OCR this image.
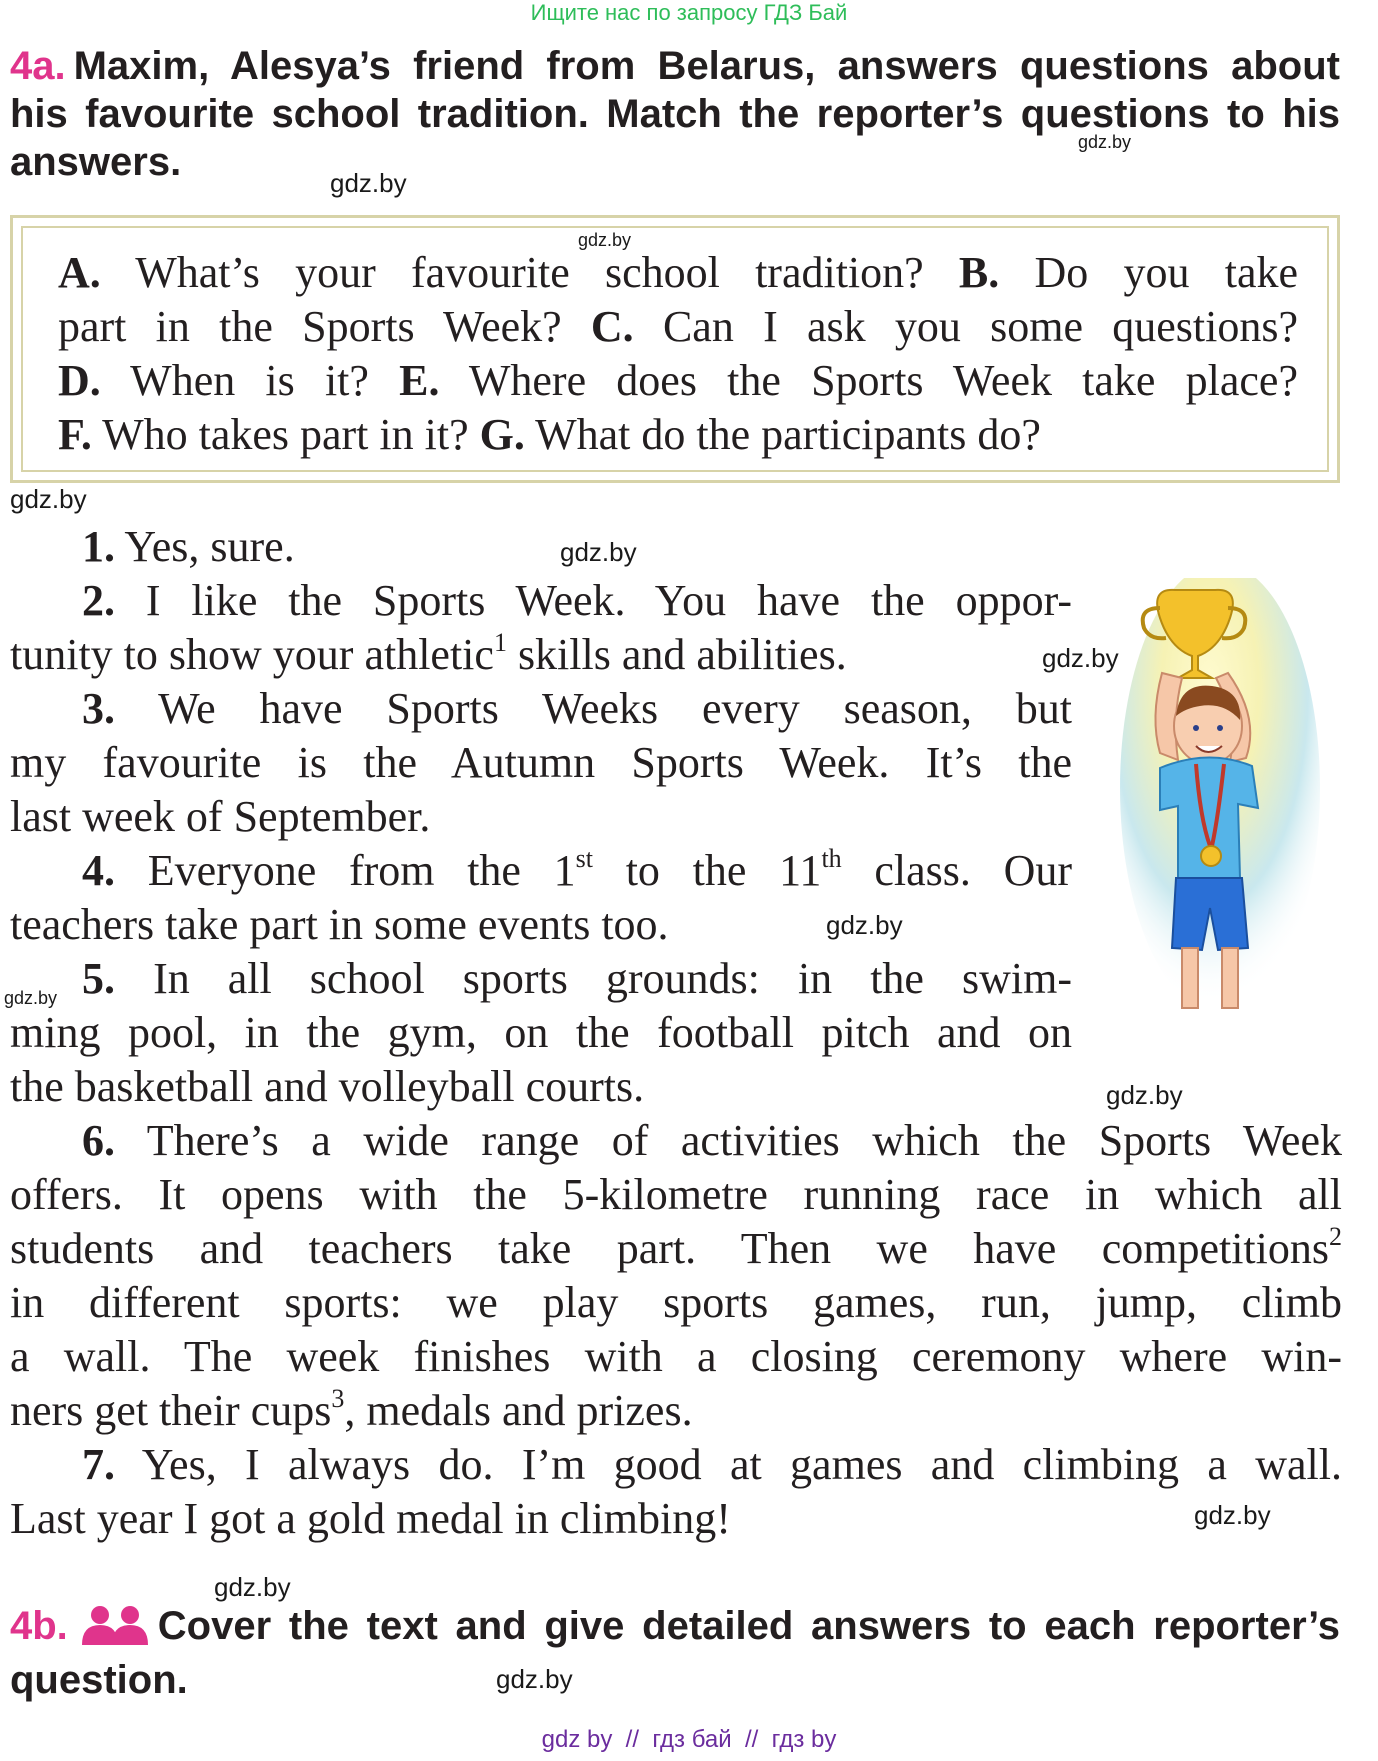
Ищите нас по запросу ГДЗ Бай
4a. Maxim, Alesya’s friend from Belarus, answers questions about
his favourite school tradition. Match the reporter’s questions to his
answers.	gdz.by
gdz.by
gdz.by
A. What’s your favourite school tradition? B. Do you take
part in the Sports Week? C. Can I ask you some questions?
D. When is it? E. Where does the Sports Week take place?
F. Who takes part in it? G. What do the participants do?
gdz.by
gdz.by
1. Yes, sure.
2. I like the Sports Week. You have the oppor-
tunity to show your athletic$^1$ skills and abilities.
3. We have Sports Weeks every season, but
my favourite is the Autumn Sports Week. It’s the
last week of September.
4. Everyone from the 1st to the 11th class. Our
teachers take part in some events too.
5. In all school sports grounds: in the swim-
ming pool, in the gym, on the football pitch and on
the basketball and volleyball courts.
6. There’s a wide range of activities which the Sports Week
offers. It opens with the 5-kilometre running race in which all
students and teachers take part. Then we have competitions$^2$
in different sports: we play sports games, run, jump, climb
a wall. The week finishes with a closing ceremony where win-
ners get their cups$^3$, medals and prizes.
7. Yes, I always do. I’m good at games and climbing a wall.
Last year I got a gold medal in climbing!
gdz.by
gdz.by
gdz.by
gdz.by
gdz.by
gdz.by
4b. Cover the text and give detailed answers to each reporter’s
question.	gdz.by
gdz by  //  гдз бай  //  гдз by
